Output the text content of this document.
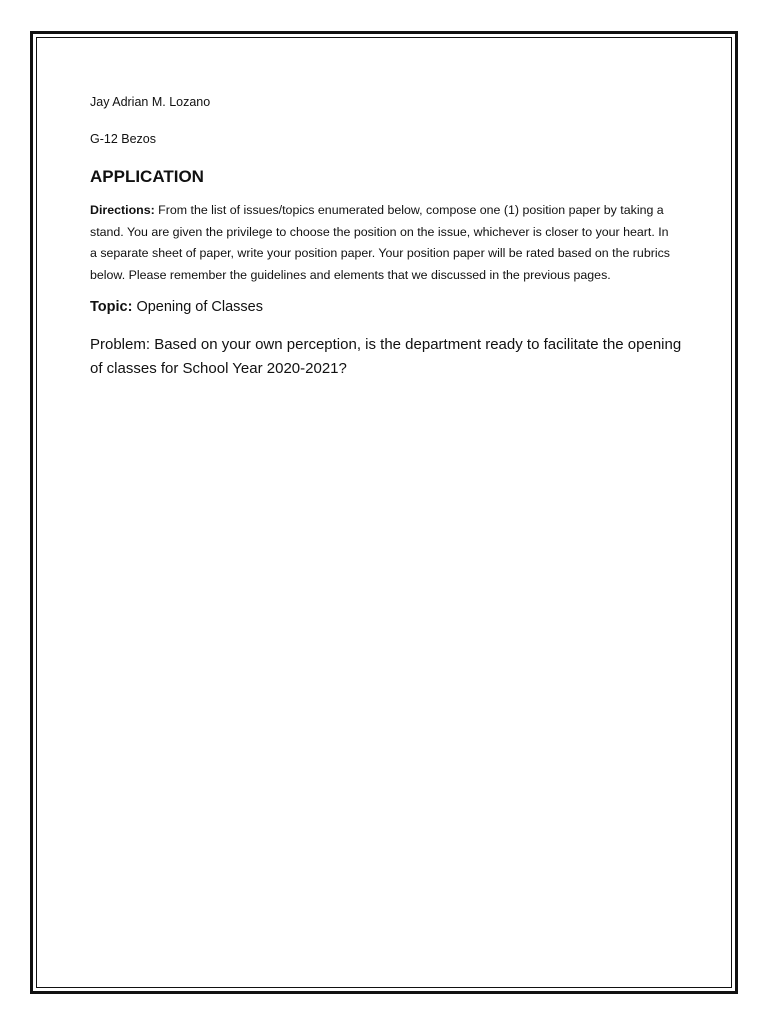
Jay Adrian M. Lozano

G-12 Bezos

APPLICATION

Directions: From the list of issues/topics enumerated below, compose one (1) position paper by taking a stand. You are given the privilege to choose the position on the issue, whichever is closer to your heart. In a separate sheet of paper, write your position paper. Your position paper will be rated based on the rubrics below. Please remember the guidelines and elements that we discussed in the previous pages.

Topic: Opening of Classes

Problem: Based on your own perception, is the department ready to facilitate the opening of classes for School Year 2020-2021?
